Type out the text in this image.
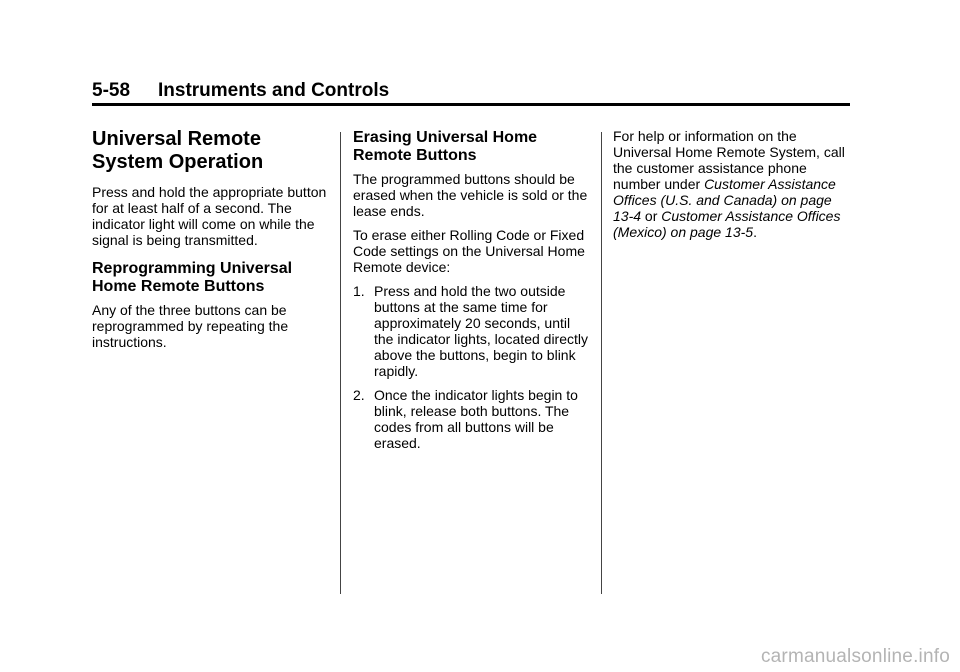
5-58 Instruments and Controls
Universal Remote System Operation

Press and hold the appropriate button for at least half of a second. The indicator light will come on while the signal is being transmitted.

Reprogramming Universal Home Remote Buttons

Any of the three buttons can be reprogrammed by repeating the instructions.

Erasing Universal Home Remote Buttons

The programmed buttons should be erased when the vehicle is sold or the lease ends.

To erase either Rolling Code or Fixed Code settings on the Universal Home Remote device:

1. Press and hold the two outside buttons at the same time for approximately 20 seconds, until the indicator lights, located directly above the buttons, begin to blink rapidly.
2. Once the indicator lights begin to blink, release both buttons. The codes from all buttons will be erased.

For help or information on the Universal Home Remote System, call the customer assistance phone number under Customer Assistance Offices (U.S. and Canada) on page 13-4 or Customer Assistance Offices (Mexico) on page 13-5.

carmanualsonline.info
